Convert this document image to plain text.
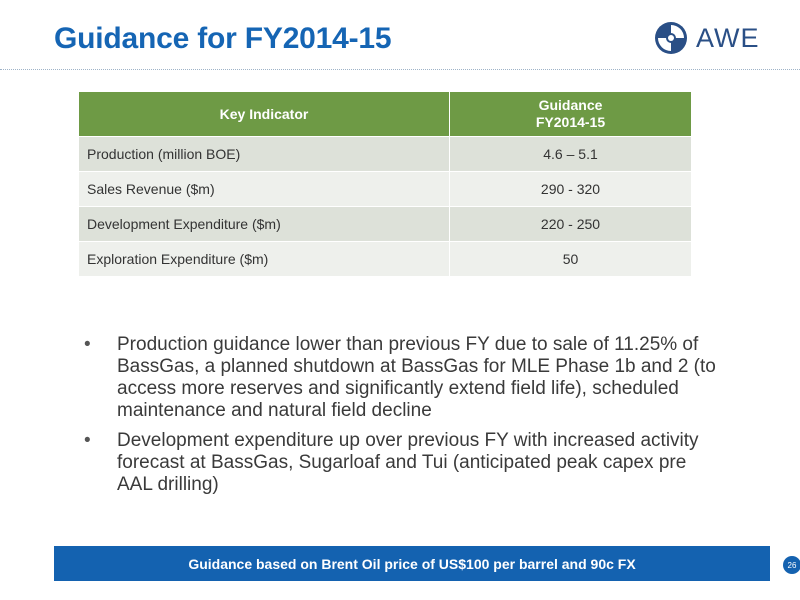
Guidance for FY2014-15	AWE
Key Indicator	Guidance
FY2014-15
Production (million BOE)	4.6 – 5.1
Sales Revenue ($m)	290 - 320
Development Expenditure ($m)	220 - 250
Exploration Expenditure ($m)	50
• Production guidance lower than previous FY due to sale of 11.25% of BassGas, a planned shutdown at BassGas for MLE Phase 1b and 2 (to access more reserves and significantly extend field life), scheduled maintenance and natural field decline
• Development expenditure up over previous FY with increased activity forecast at BassGas, Sugarloaf and Tui (anticipated peak capex pre AAL drilling)
Guidance based on Brent Oil price of US$100 per barrel and 90c FX	26
